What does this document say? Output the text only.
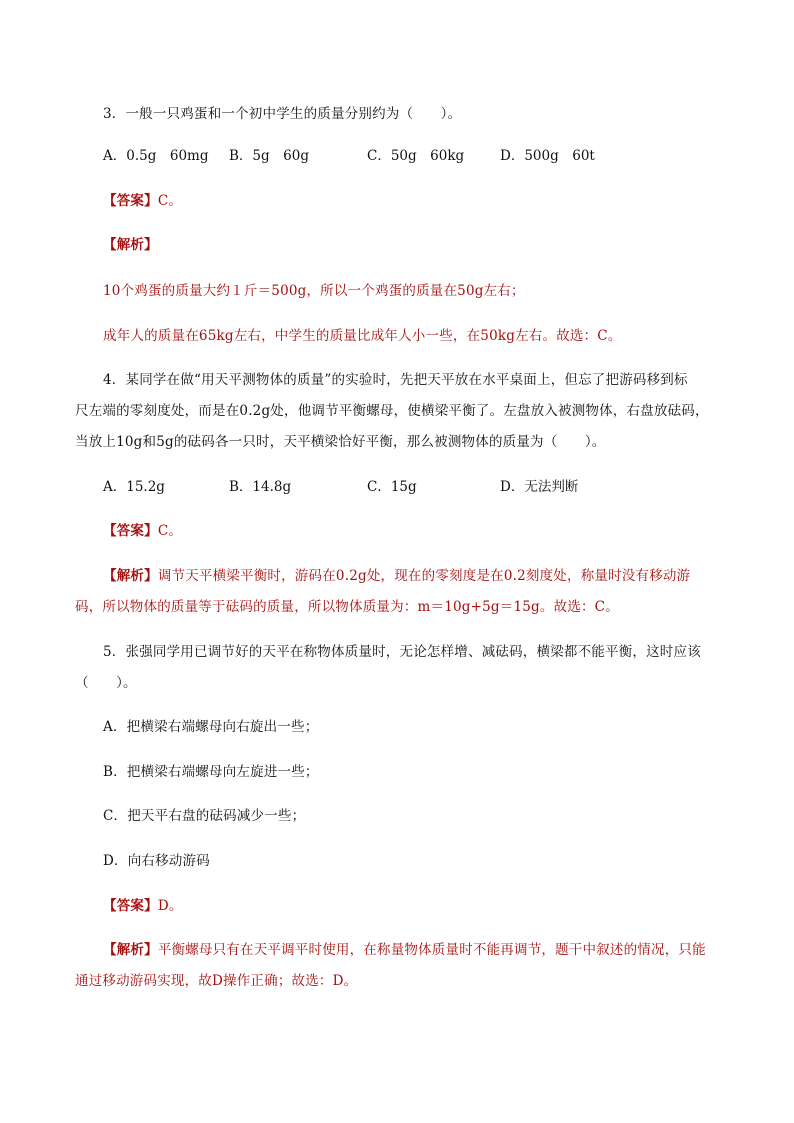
3．一般一只鸡蛋和一个初中学生的质量分别约为（　　）。
A．0.5g　60mg B．5g　60g	C．50g　60kg	D．500g　60t
【答案】C。
【解析】
10个鸡蛋的质量大约１斤＝500g，所以一个鸡蛋的质量在50g左右；
成年人的质量在65kg左右，中学生的质量比成年人小一些，在50kg左右。故选：C。
4．某同学在做“用天平测物体的质量”的实验时，先把天平放在水平桌面上，但忘了把游码移到标
尺左端的零刻度处，而是在0.2g处，他调节平衡螺母，使横梁平衡了。左盘放入被测物体，右盘放砝码，
当放上10g和5g的砝码各一只时，天平横梁恰好平衡，那么被测物体的质量为（　　）。
A．15.2g	B．14.8g	C．15g	D．无法判断
【答案】C。
【解析】调节天平横梁平衡时，游码在0.2g处，现在的零刻度是在0.2刻度处，称量时没有移动游
码，所以物体的质量等于砝码的质量，所以物体质量为：m＝10g+5g＝15g。故选：C。
5．张强同学用已调节好的天平在称物体质量时，无论怎样增、减砝码，横梁都不能平衡，这时应该
（　　）。
A．把横梁右端螺母向右旋出一些；
B．把横梁右端螺母向左旋进一些；
C．把天平右盘的砝码减少一些；
D．向右移动游码
【答案】D。
【解析】平衡螺母只有在天平调平时使用，在称量物体质量时不能再调节，题干中叙述的情况，只能
通过移动游码实现，故D操作正确；故选：D。
